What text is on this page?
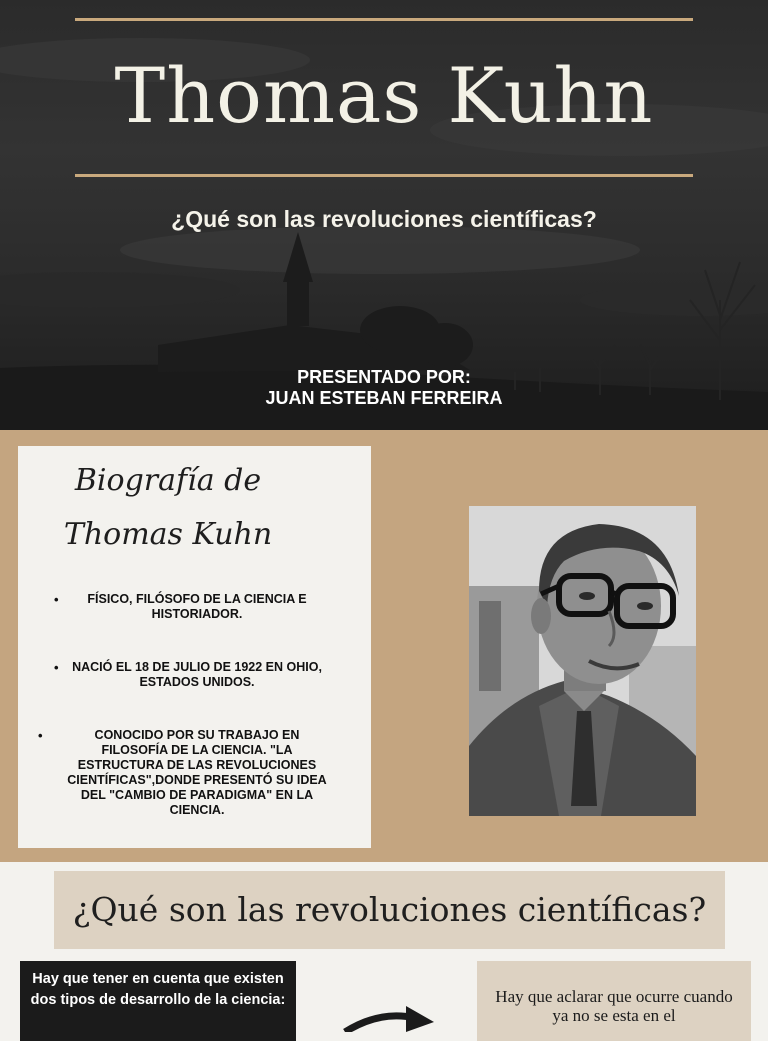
Thomas Kuhn
¿Qué son las revoluciones científicas?
PRESENTADO POR:
JUAN ESTEBAN FERREIRA
Biografía de
Thomas Kuhn
• FÍSICO, FILÓSOFO DE LA CIENCIA E HISTORIADOR.
• NACIÓ EL 18 DE JULIO DE 1922 EN OHIO, ESTADOS UNIDOS.
•	CONOCIDO POR SU TRABAJO EN FILOSOFÍA DE LA CIENCIA. "LA ESTRUCTURA DE LAS REVOLUCIONES CIENTÍFICAS",DONDE PRESENTÓ SU IDEA DEL "CAMBIO DE PARADIGMA" EN LA CIENCIA.
¿Qué son las revoluciones científicas?
Hay que tener en cuenta que existen dos tipos de desarrollo de la ciencia:	Hay que aclarar que ocurre cuando ya no se esta en el
